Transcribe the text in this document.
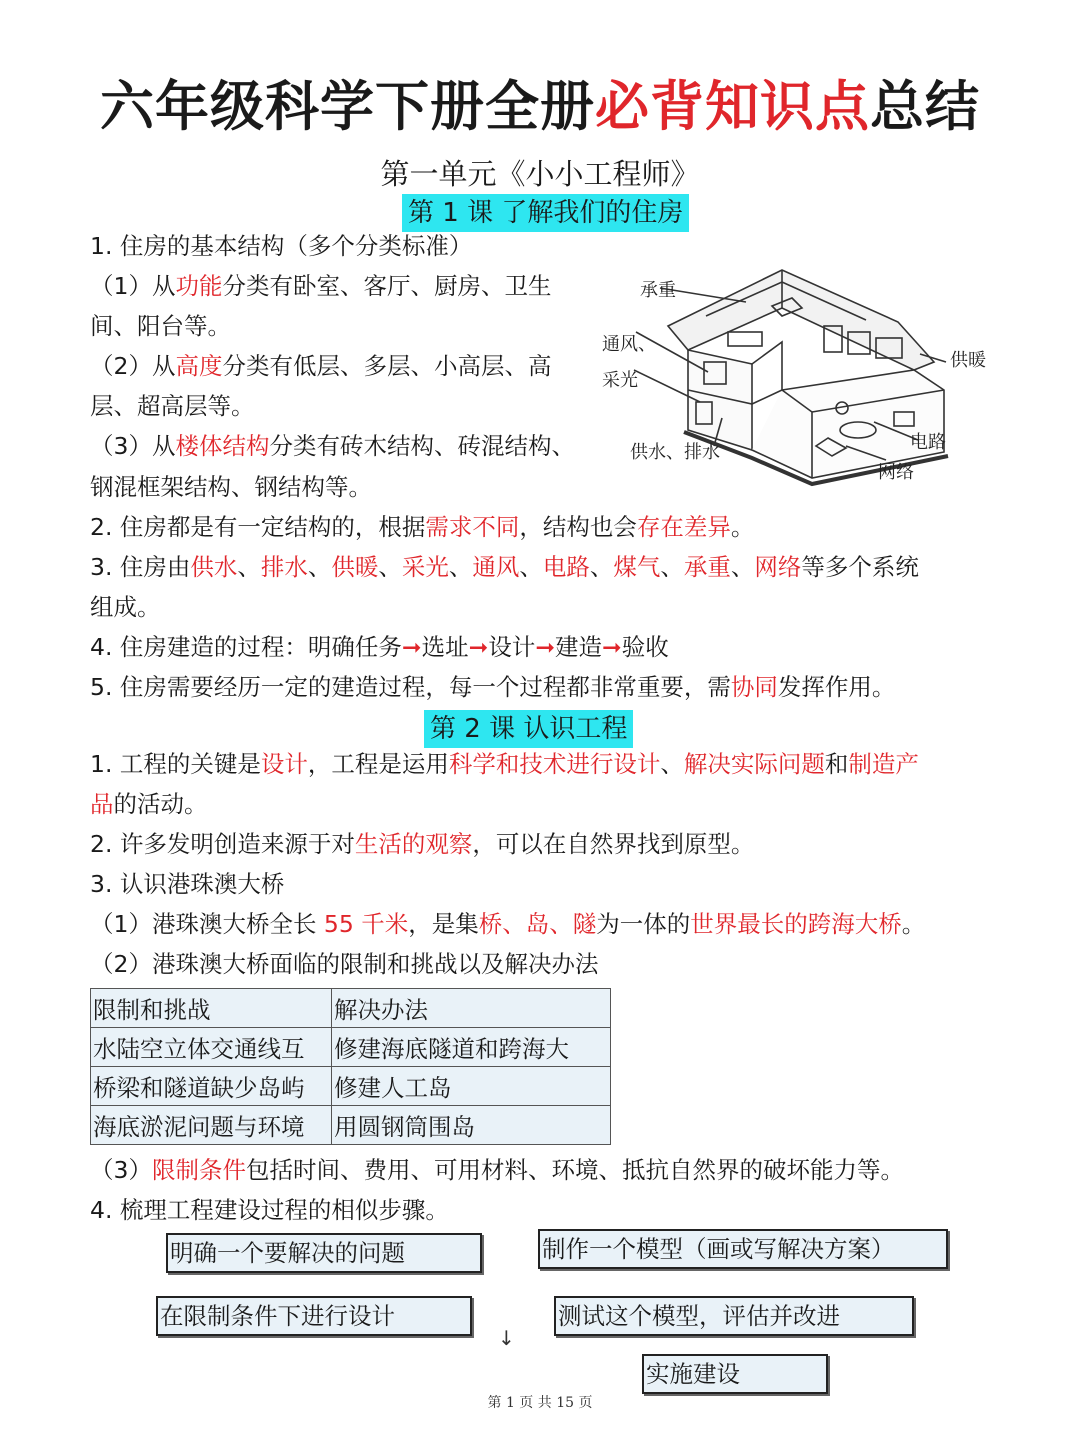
六年级科学下册全册必背知识点总结
第一单元《小小工程师》
第 1 课 了解我们的住房
1. 住房的基本结构（多个分类标准）
（1）从功能分类有卧室、客厅、厨房、卫生
间、阳台等。
（2）从高度分类有低层、多层、小高层、高
层、超高层等。
（3）从楼体结构分类有砖木结构、砖混结构、
钢混框架结构、钢结构等。
2. 住房都是有一定结构的，根据需求不同，结构也会存在差异。
3. 住房由供水、排水、供暖、采光、通风、电路、煤气、承重、网络等多个系统
组成。
4. 住房建造的过程：明确任务➞选址➞设计➞建造➞验收
5. 住房需要经历一定的建造过程，每一个过程都非常重要，需协同发挥作用。
承重
通风、
采光
供暖
供水、排水	电路
网络
第 2 课 认识工程
1. 工程的关键是设计，工程是运用科学和技术进行设计、解决实际问题和制造产
品的活动。
2. 许多发明创造来源于对生活的观察，可以在自然界找到原型。
3. 认识港珠澳大桥
（1）港珠澳大桥全长 55 千米，是集桥、岛、隧为一体的世界最长的跨海大桥。
（2）港珠澳大桥面临的限制和挑战以及解决办法
限制和挑战	解决办法
水陆空立体交通线互	修建海底隧道和跨海大
桥梁和隧道缺少岛屿	修建人工岛
海底淤泥问题与环境	用圆钢筒围岛
（3）限制条件包括时间、费用、可用材料、环境、抵抗自然界的破坏能力等。
4. 梳理工程建设过程的相似步骤。
明确一个要解决的问题	制作一个模型（画或写解决方案）
在限制条件下进行设计	测试这个模型，评估并改进
↓
实施建设
第 1 页 共 15 页
